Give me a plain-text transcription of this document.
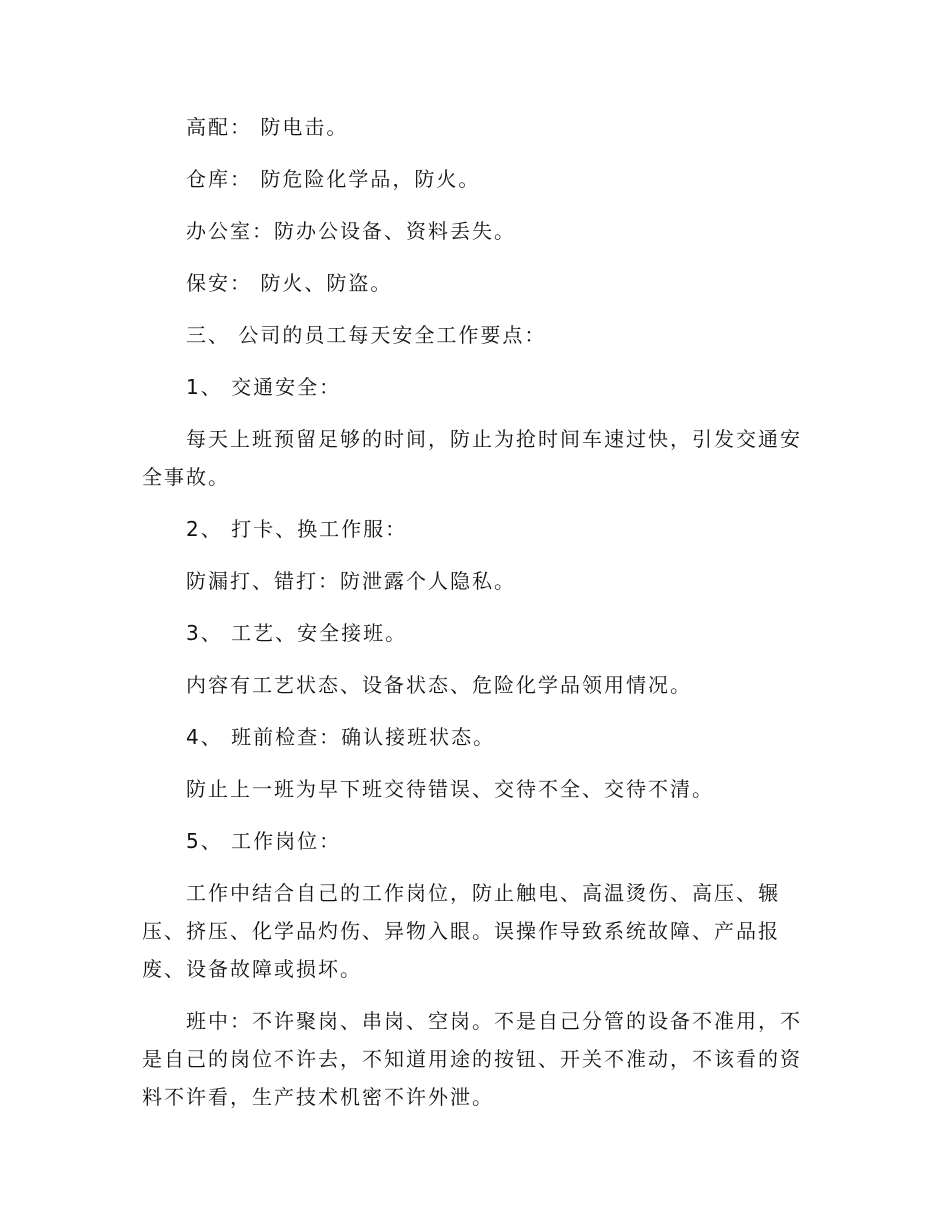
高配： 防电击。
仓库： 防危险化学品，防火。
办公室：防办公设备、资料丢失。
保安： 防火、防盗。
三、 公司的员工每天安全工作要点：
1、 交通安全：
每天上班预留足够的时间，防止为抢时间车速过快，引发交通安
全事故。
2、 打卡、换工作服：
防漏打、错打：防泄露个人隐私。
3、 工艺、安全接班。
内容有工艺状态、设备状态、危险化学品领用情况。
4、 班前检查：确认接班状态。
防止上一班为早下班交待错误、交待不全、交待不清。
5、 工作岗位：
工作中结合自己的工作岗位，防止触电、高温烫伤、高压、辗
压、挤压、化学品灼伤、异物入眼。误操作导致系统故障、产品报
废、设备故障或损坏。
班中：不许聚岗、串岗、空岗。不是自己分管的设备不准用，不
是自己的岗位不许去，不知道用途的按钮、开关不准动，不该看的资
料不许看，生产技术机密不许外泄。
